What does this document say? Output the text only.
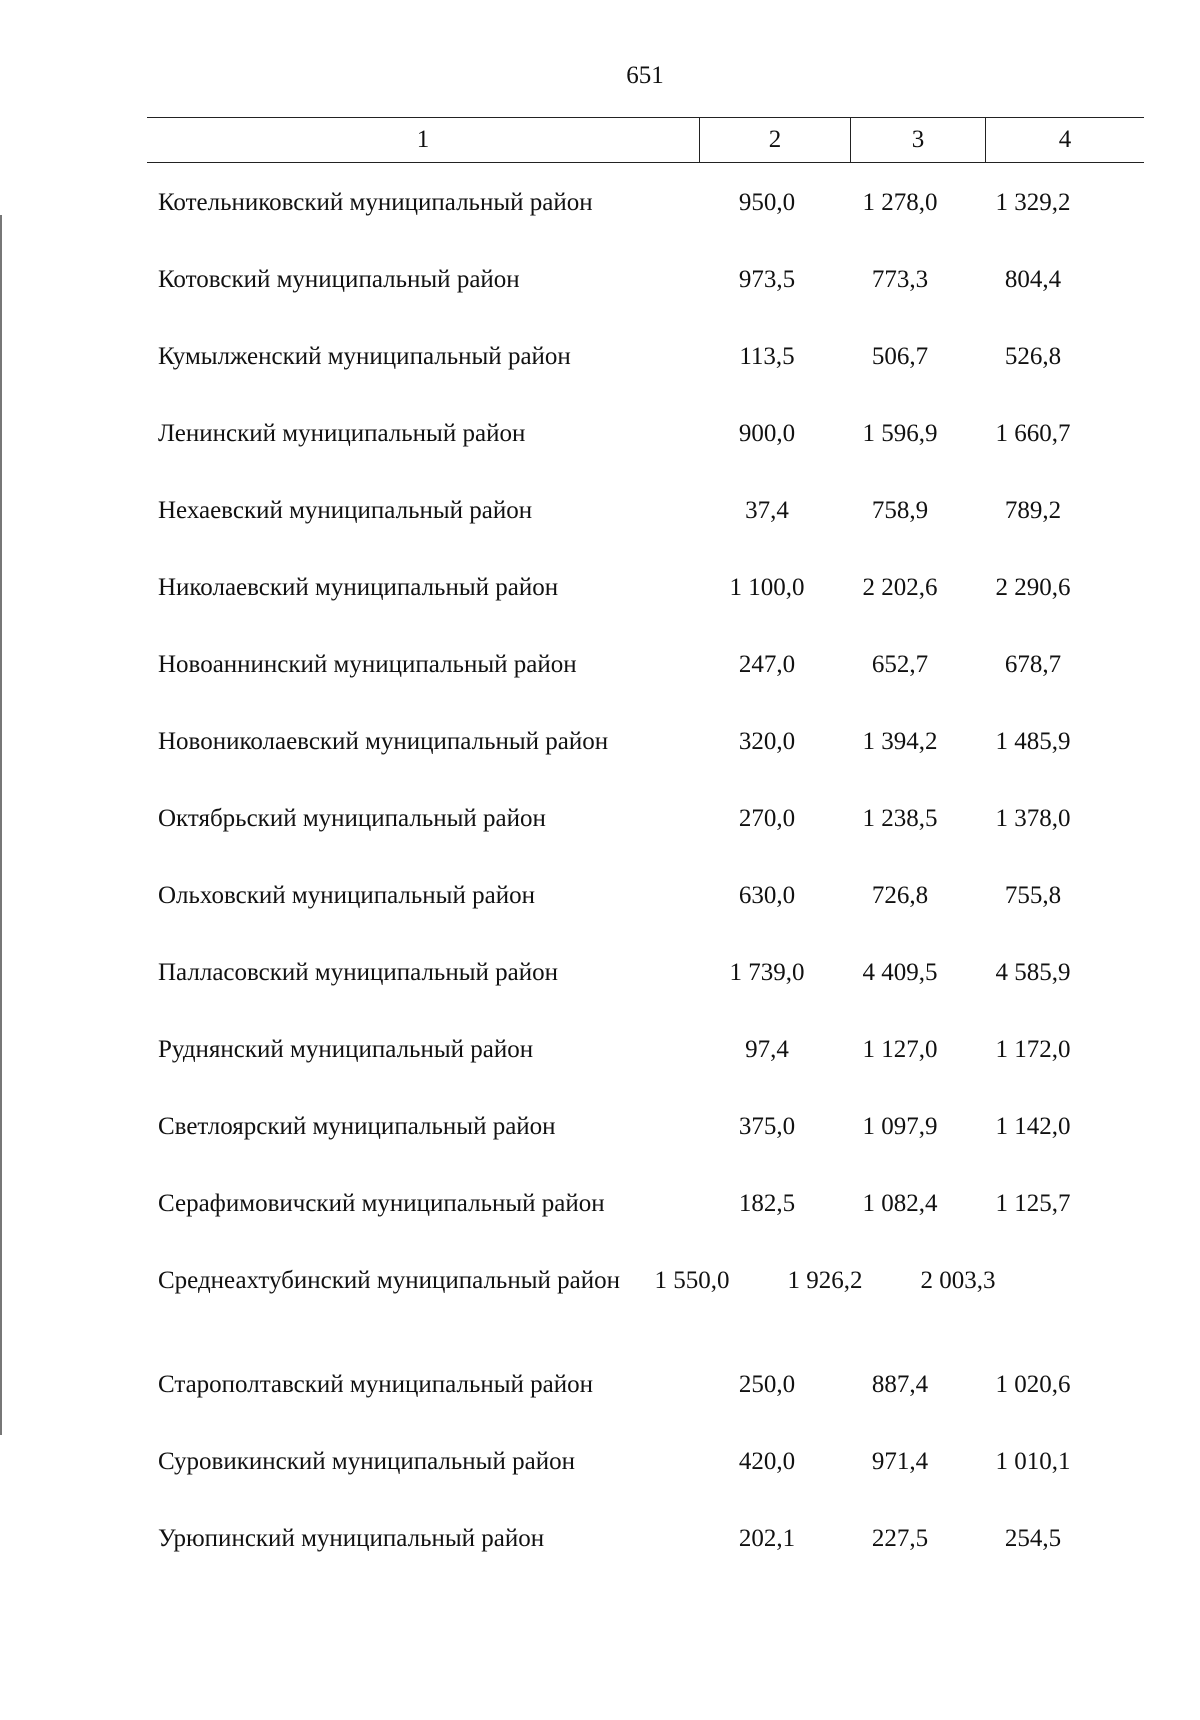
651
1	2	3	4
Котельниковский муниципальный район	950,0	1 278,0	1 329,2
Котовский муниципальный район	973,5	773,3	804,4
Кумылженский муниципальный район	113,5	506,7	526,8
Ленинский муниципальный район	900,0	1 596,9	1 660,7
Нехаевский муниципальный район	37,4	758,9	789,2
Николаевский муниципальный район	1 100,0	2 202,6	2 290,6
Новоаннинский муниципальный район	247,0	652,7	678,7
Новониколаевский муниципальный район	320,0	1 394,2	1 485,9
Октябрьский муниципальный район	270,0	1 238,5	1 378,0
Ольховский муниципальный район	630,0	726,8	755,8
Палласовский муниципальный район	1 739,0	4 409,5	4 585,9
Руднянский муниципальный район	97,4	1 127,0	1 172,0
Светлоярский муниципальный район	375,0	1 097,9	1 142,0
Серафимовичский муниципальный район	182,5	1 082,4	1 125,7
Среднеахтубинский муниципальный район	1 550,0	1 926,2	2 003,3
Старополтавский муниципальный район	250,0	887,4	1 020,6
Суровикинский муниципальный район	420,0	971,4	1 010,1
Урюпинский муниципальный район	202,1	227,5	254,5
